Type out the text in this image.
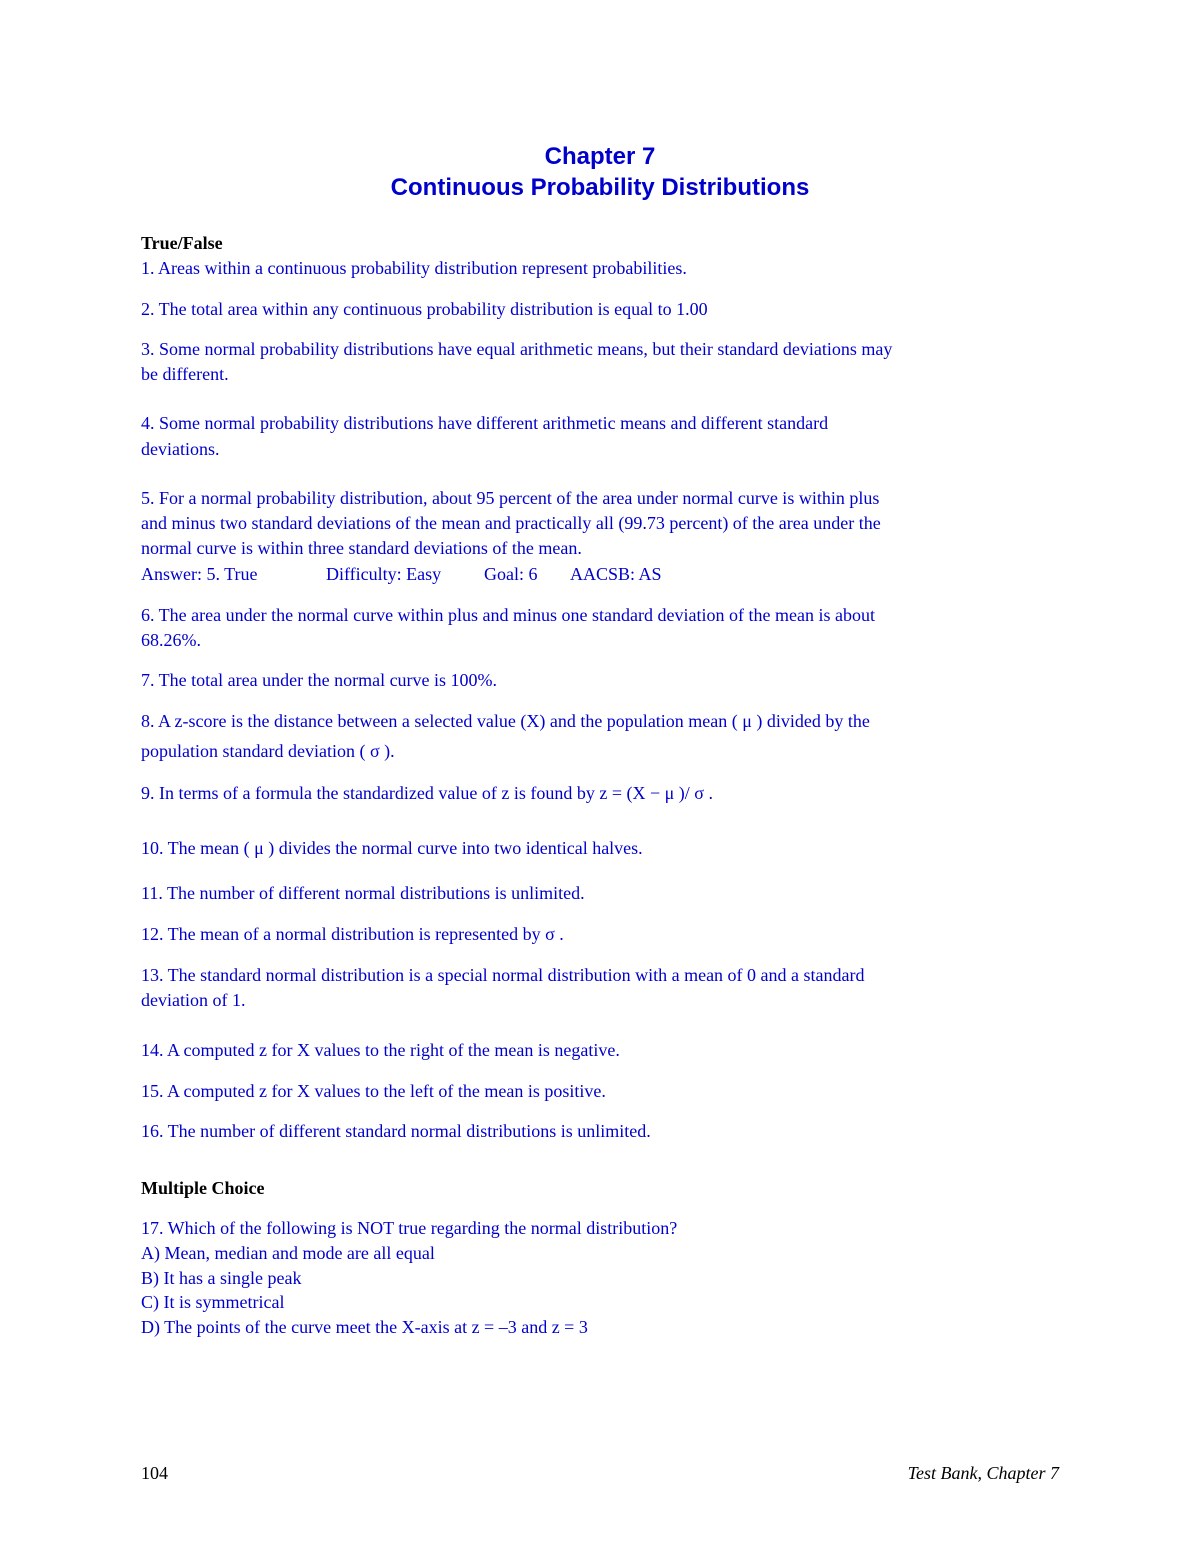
Chapter 7
Continuous Probability Distributions
True/False
1. Areas within a continuous probability distribution represent probabilities.
2. The total area within any continuous probability distribution is equal to 1.00
3. Some normal probability distributions have equal arithmetic means, but their standard deviations may
be different.
4. Some normal probability distributions have different arithmetic means and different standard
deviations.
5. For a normal probability distribution, about 95 percent of the area under normal curve is within plus
and minus two standard deviations of the mean and practically all (99.73 percent) of the area under the
normal curve is within three standard deviations of the mean.
Answer: 5. True	Difficulty: Easy Goal: 6 AACSB: AS
6. The area under the normal curve within plus and minus one standard deviation of the mean is about
68.26%.
7. The total area under the normal curve is 100%.
8. A z-score is the distance between a selected value (X) and the population mean ( μ ) divided by the
population standard deviation ( σ ).
9. In terms of a formula the standardized value of z is found by z = (X − μ )/ σ .
10. The mean ( μ ) divides the normal curve into two identical halves.
11. The number of different normal distributions is unlimited.
12. The mean of a normal distribution is represented by σ .
13. The standard normal distribution is a special normal distribution with a mean of 0 and a standard
deviation of 1.
14. A computed z for X values to the right of the mean is negative.
15. A computed z for X values to the left of the mean is positive.
16. The number of different standard normal distributions is unlimited.
Multiple Choice
17. Which of the following is NOT true regarding the normal distribution?
A) Mean, median and mode are all equal
B) It has a single peak
C) It is symmetrical
D) The points of the curve meet the X-axis at z = –3 and z = 3
104	Test Bank, Chapter 7
